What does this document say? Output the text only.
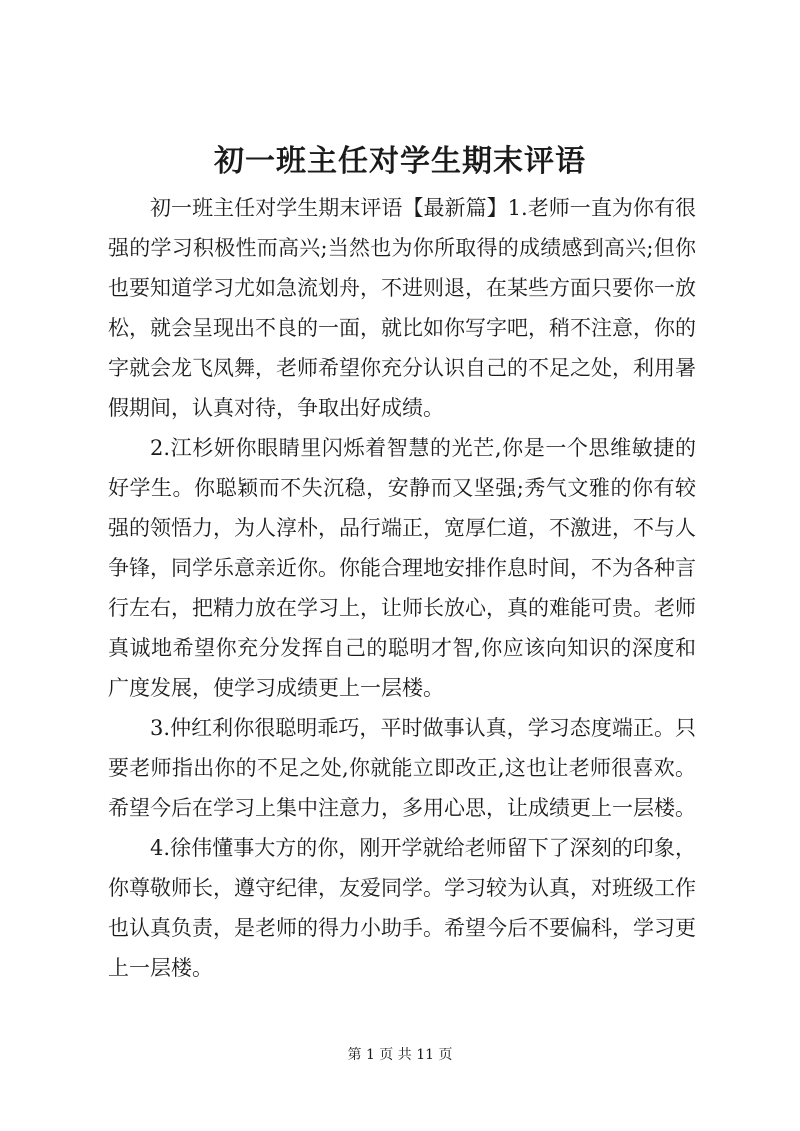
初一班主任对学生期末评语

初一班主任对学生期末评语【最新篇】1.老师一直为你有很强的学习积极性而高兴;当然也为你所取得的成绩感到高兴;但你也要知道学习尤如急流划舟，不进则退，在某些方面只要你一放松，就会呈现出不良的一面，就比如你写字吧，稍不注意，你的字就会龙飞凤舞，老师希望你充分认识自己的不足之处，利用暑假期间，认真对待，争取出好成绩。

2.江杉妍你眼睛里闪烁着智慧的光芒,你是一个思维敏捷的好学生。你聪颖而不失沉稳，安静而又坚强;秀气文雅的你有较强的领悟力，为人淳朴，品行端正，宽厚仁道，不激进，不与人争锋，同学乐意亲近你。你能合理地安排作息时间，不为各种言行左右，把精力放在学习上，让师长放心，真的难能可贵。老师真诚地希望你充分发挥自己的聪明才智,你应该向知识的深度和广度发展，使学习成绩更上一层楼。

3.仲红利你很聪明乖巧，平时做事认真，学习态度端正。只要老师指出你的不足之处,你就能立即改正,这也让老师很喜欢。希望今后在学习上集中注意力，多用心思，让成绩更上一层楼。

4.徐伟懂事大方的你，刚开学就给老师留下了深刻的印象，你尊敬师长，遵守纪律，友爱同学。学习较为认真，对班级工作也认真负责，是老师的得力小助手。希望今后不要偏科，学习更上一层楼。

第 1 页 共 11 页
